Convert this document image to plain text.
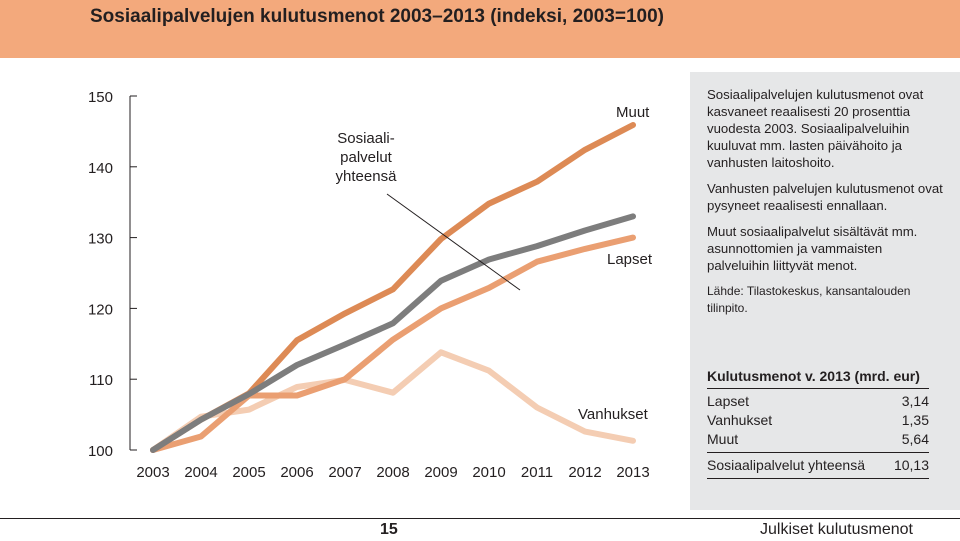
Sosiaalipalvelujen kulutusmenot 2003–2013 (indeksi, 2003=100)
100
110
120
130
140
150
2003 2004 2005 2006 2007 2008 2009 2010 2011 2012 2013
Muut
Sosiaali-
palvelut
yhteensä
Lapset
Vanhukset

Sosiaalipalvelujen kulutusmenot ovat kasvaneet reaalisesti 20 prosenttia vuodesta 2003. Sosiaalipalveluihin kuuluvat mm. lasten päivähoito ja vanhusten laitoshoito.

Vanhusten palvelujen kulutusmenot ovat pysyneet reaalisesti ennallaan.

Muut sosiaalipalvelut sisältävät mm. asunnottomien ja vammaisten palveluihin liittyvät menot.

Lähde: Tilastokeskus, kansantalouden tilinpito.

Kulutusmenot v. 2013 (mrd. eur)
Lapset	3,14
Vanhukset	1,35
Muut	5,64
Sosiaalipalvelut yhteensä 10,13
15	Julkiset kulutusmenot
